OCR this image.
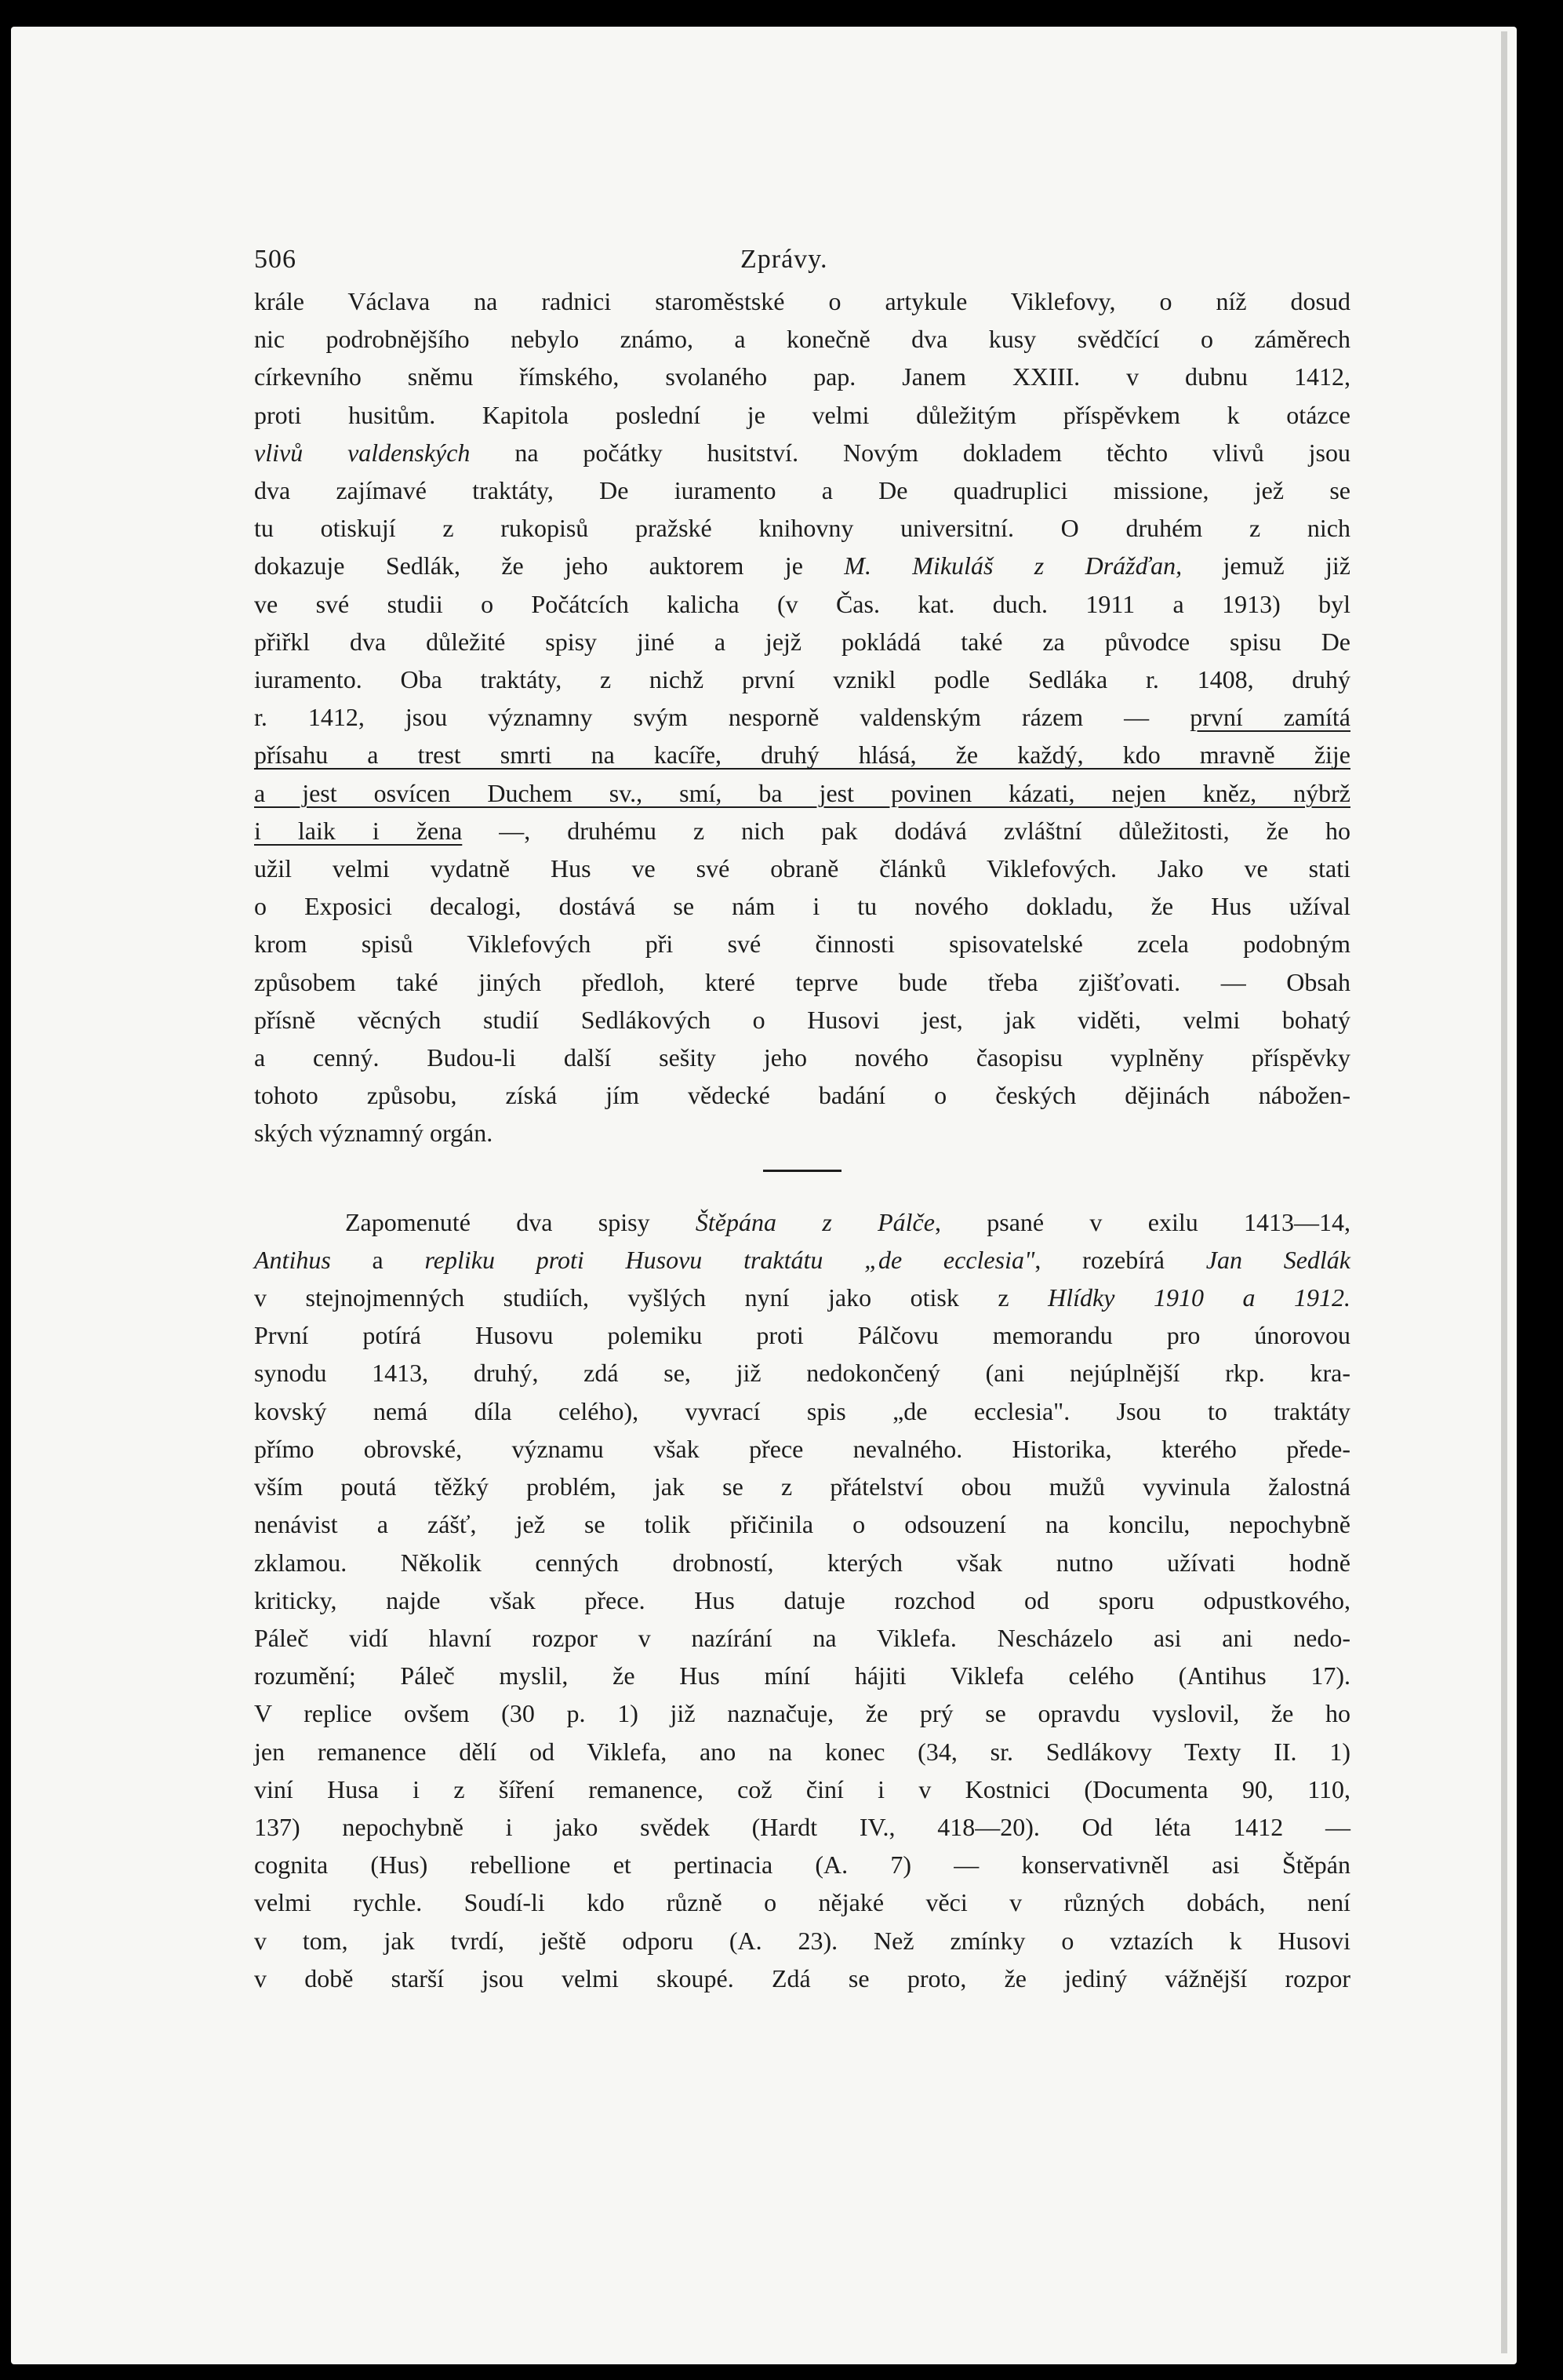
506	Zprávy.
krále Václava na radnici staroměstské o artykule Viklefovy, o níž dosud
nic podrobnějšího nebylo známo, a konečně dva kusy svědčící o záměrech
církevního sněmu římského, svolaného pap. Janem XXIII. v dubnu 1412,
proti husitům. Kapitola poslední je velmi důležitým příspěvkem k otázce
vlivů valdenských na počátky husitství. Novým dokladem těchto vlivů jsou
dva zajímavé traktáty, De iuramento a De quadruplici missione, jež se
tu otiskují z rukopisů pražské knihovny universitní. O druhém z nich
dokazuje Sedlák, že jeho auktorem je M. Mikuláš z Drážďan, jemuž již
ve své studii o Počátcích kalicha (v Čas. kat. duch. 1911 a 1913) byl
přiřkl dva důležité spisy jiné a jejž pokládá také za původce spisu De
iuramento. Oba traktáty, z nichž první vznikl podle Sedláka r. 1408, druhý
r. 1412, jsou významny svým nesporně valdenským rázem — první zamítá
přísahu a trest smrti na kacíře, druhý hlásá, že každý, kdo mravně žije
a jest osvícen Duchem sv., smí, ba jest povinen kázati, nejen kněz, nýbrž
i laik i žena —, druhému z nich pak dodává zvláštní důležitosti, že ho
užil velmi vydatně Hus ve své obraně článků Viklefových. Jako ve stati
o Exposici decalogi, dostává se nám i tu nového dokladu, že Hus užíval
krom spisů Viklefových při své činnosti spisovatelské zcela podobným
způsobem také jiných předloh, které teprve bude třeba zjišťovati. — Obsah
přísně věcných studií Sedlákových o Husovi jest, jak viděti, velmi bohatý
a cenný. Budou-li další sešity jeho nového časopisu vyplněny příspěvky
tohoto způsobu, získá jím vědecké badání o českých dějinách nábožen-
ských významný orgán.
Zapomenuté dva spisy Štěpána z Pálče, psané v exilu 1413—14,
Antihus a repliku proti Husovu traktátu „de ecclesia", rozebírá Jan Sedlák
v stejnojmenných studiích, vyšlých nyní jako otisk z Hlídky 1910 a 1912.
První potírá Husovu polemiku proti Pálčovu memorandu pro únorovou
synodu 1413, druhý, zdá se, již nedokončený (ani nejúplnější rkp. kra-
kovský nemá díla celého), vyvrací spis „de ecclesia". Jsou to traktáty
přímo obrovské, významu však přece nevalného. Historika, kterého přede-
vším poutá těžký problém, jak se z přátelství obou mužů vyvinula žalostná
nenávist a zášť, jež se tolik přičinila o odsouzení na koncilu, nepochybně
zklamou. Několik cenných drobností, kterých však nutno užívati hodně
kriticky, najde však přece. Hus datuje rozchod od sporu odpustkového,
Páleč vidí hlavní rozpor v nazírání na Viklefa. Nescházelo asi ani nedo-
rozumění; Páleč myslil, že Hus míní hájiti Viklefa celého (Antihus 17).
V replice ovšem (30 p. 1) již naznačuje, že prý se opravdu vyslovil, že ho
jen remanence dělí od Viklefa, ano na konec (34, sr. Sedlákovy Texty II. 1)
viní Husa i z šíření remanence, což činí i v Kostnici (Documenta 90, 110,
137) nepochybně i jako svědek (Hardt IV., 418—20). Od léta 1412 —
cognita (Hus) rebellione et pertinacia (A. 7) — konservativněl asi Štěpán
velmi rychle. Soudí-li kdo různě o nějaké věci v různých dobách, není
v tom, jak tvrdí, ještě odporu (A. 23). Než zmínky o vztazích k Husovi
v době starší jsou velmi skoupé. Zdá se proto, že jediný vážnější rozpor
